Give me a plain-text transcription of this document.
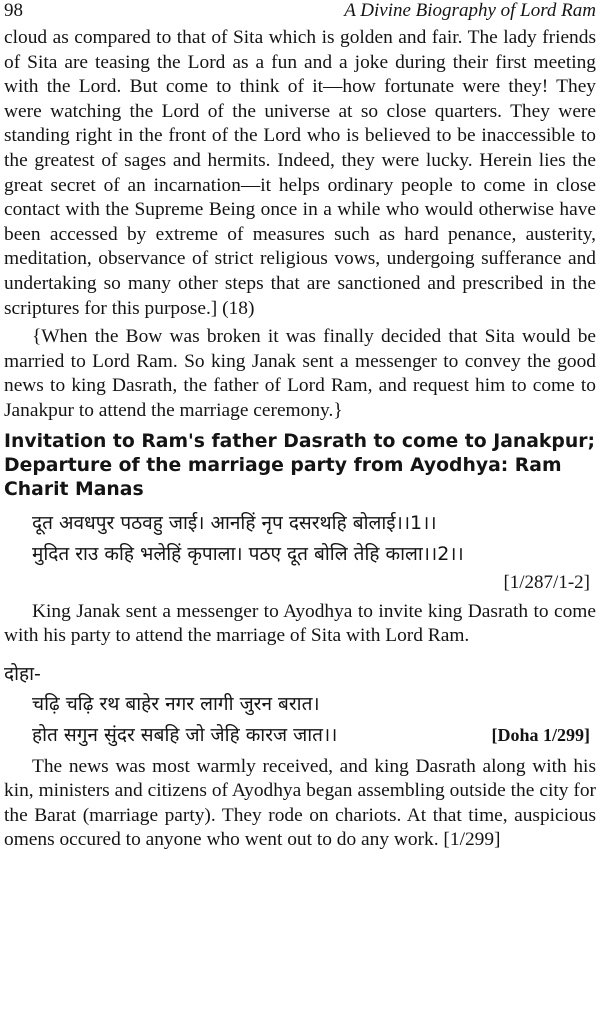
98	A Divine Biography of Lord Ram

cloud as compared to that of Sita which is golden and fair. The lady friends of Sita are teasing the Lord as a fun and a joke during their first meeting with the Lord. But come to think of it—how fortunate were they! They were watching the Lord of the universe at so close quarters. They were standing right in the front of the Lord who is believed to be inaccessible to the greatest of sages and hermits. Indeed, they were lucky. Herein lies the great secret of an incarnation—it helps ordinary people to come in close contact with the Supreme Being once in a while who would otherwise have been accessed by extreme of measures such as hard penance, austerity, meditation, observance of strict religious vows, undergoing sufferance and undertaking so many other steps that are sanctioned and prescribed in the scriptures for this purpose.] (18)

{When the Bow was broken it was finally decided that Sita would be married to Lord Ram. So king Janak sent a messenger to convey the good news to king Dasrath, the father of Lord Ram, and request him to come to Janakpur to attend the marriage ceremony.}

Invitation to Ram's father Dasrath to come to Janakpur;
Departure of the marriage party from Ayodhya: Ram Charit Manas
दूत अवधपुर पठवहु जाई। आनहिं नृप दसरथहि बोलाई।।1।।
मुदित राउ कहि भलेहिं कृपाला। पठए दूत बोलि तेहि काला।।2।।
[1/287/1-2]

King Janak sent a messenger to Ayodhya to invite king Dasrath to come with his party to attend the marriage of Sita with Lord Ram.

दोहा-
चढ़ि चढ़ि रथ बाहेर नगर लागी जुरन बरात।
होत सगुन सुंदर सबहि जो जेहि कारज जात।।	[Doha 1/299]

The news was most warmly received, and king Dasrath along with his kin, ministers and citizens of Ayodhya began assembling outside the city for the Barat (marriage party). They rode on chariots. At that time, auspicious omens occured to anyone who went out to do any work. [1/299]
